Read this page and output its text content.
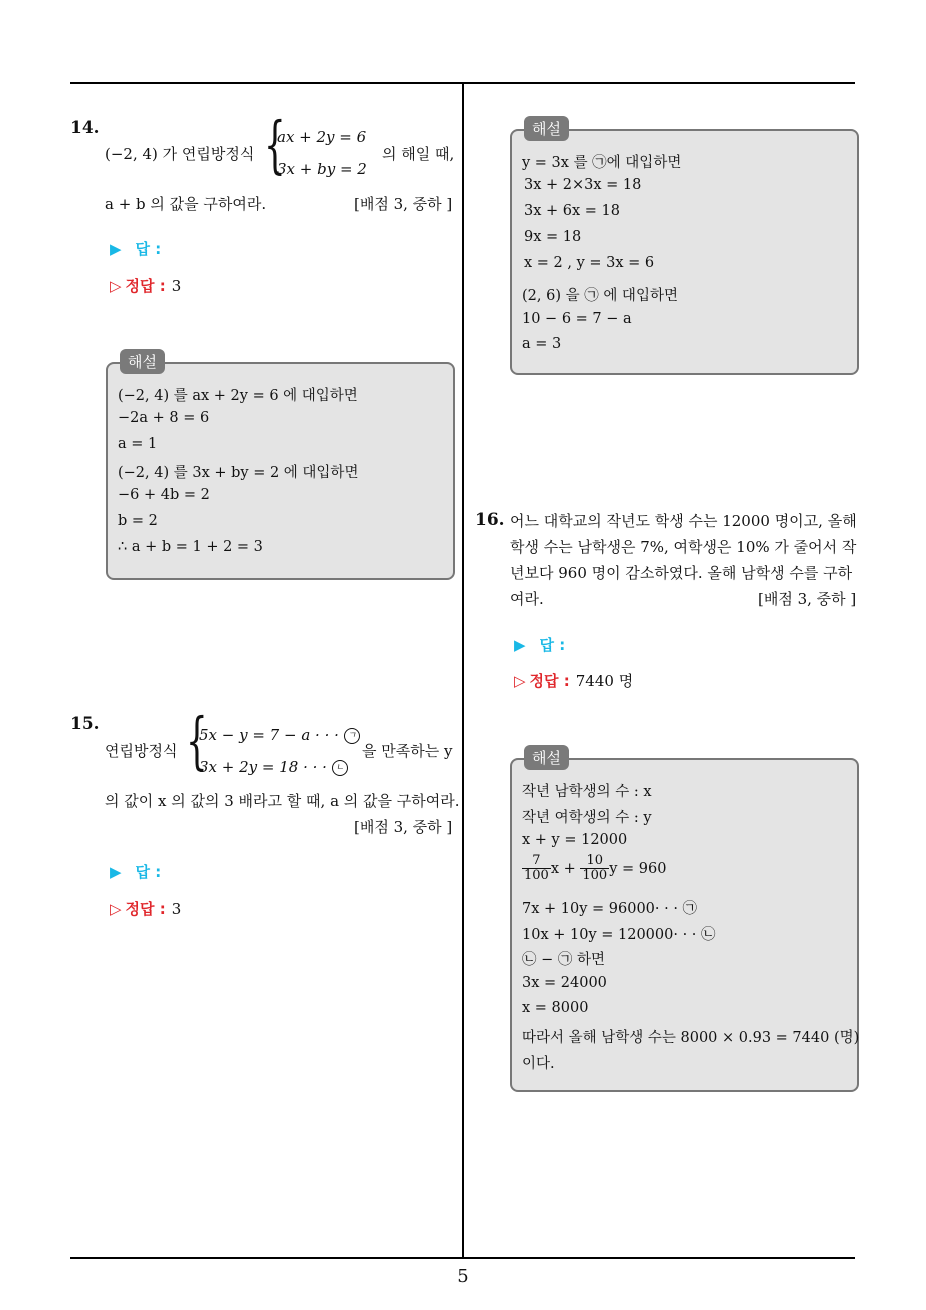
14.
(−2, 4) 가 연립방정식 {
ax + 2y = 6
3x + by = 2
의 해일 때,
a + b 의 값을 구하여라.	[배점 3, 중하 ]
▶ 답 :
▷ 정답 : 3
해설
(−2, 4) 를 ax + 2y = 6 에 대입하면
−2a + 8 = 6
a = 1
(−2, 4) 를 3x + by = 2 에 대입하면
−6 + 4b = 2
b = 2
∴ a + b = 1 + 2 = 3
15.
연립방정식 {
5x − y = 7 − a · · · ㄱ
3x + 2y = 18 · · · ㄴ
을 만족하는 y
의 값이 x 의 값의 3 배라고 할 때, a 의 값을 구하여라.
[배점 3, 중하 ]
▶ 답 :
▷ 정답 : 3
해설
y = 3x 를 ㉠에 대입하면
3x + 2×3x = 18
3x + 6x = 18
9x = 18
x = 2 , y = 3x = 6
(2, 6) 을 ㉠ 에 대입하면
10 − 6 = 7 − a
a = 3
16. 어느 대학교의 작년도 학생 수는 12000 명이고, 올해
학생 수는 남학생은 7%, 여학생은 10% 가 줄어서 작
년보다 960 명이 감소하였다. 올해 남학생 수를 구하
여라.	[배점 3, 중하 ]
▶ 답 :
▷ 정답 : 7440 명
해설
작년 남학생의 수 : x
작년 여학생의 수 : y
x + y = 12000
$\frac{7}{100}$ $x + \frac{10}{100}$ y = 960
7x + 10y = 96000· · · ㉠
10x + 10y = 120000· · · ㉡
㉡ − ㉠ 하면
3x = 24000
x = 8000
따라서 올해 남학생 수는 8000 × 0.93 = 7440 (명)
이다.
5
